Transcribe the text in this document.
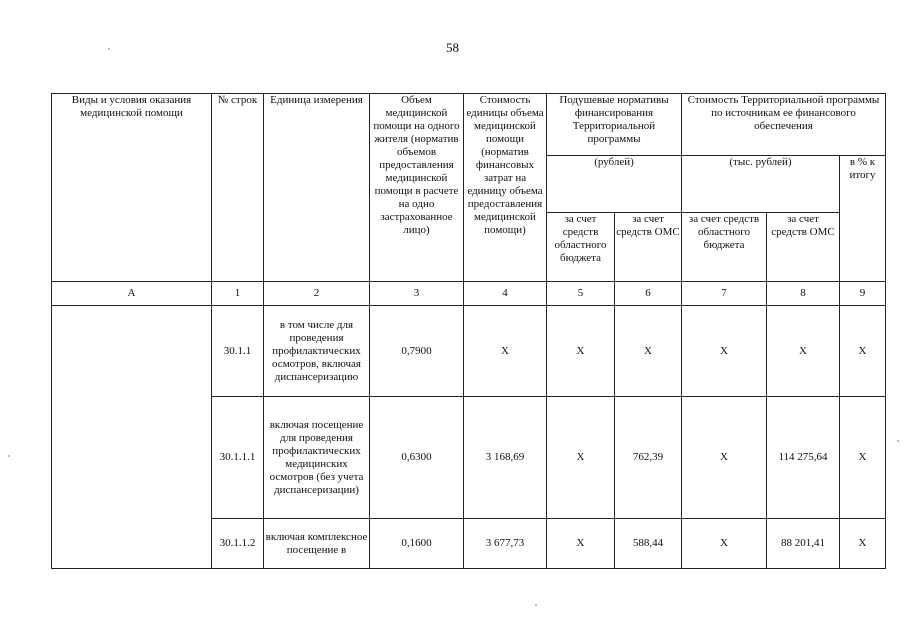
58
Виды и условия оказания медицинской помощи	№ строк	Единица измерения	Объем медицинской помощи на одного жителя (норматив объемов предоставления медицинской помощи в расчете на одно застрахованное лицо)	Стоимость единицы объема медицинской помощи (норматив финансовых затрат на единицу объема предоставления медицинской помощи)	Подушевые нормативы финансирования Территориальной программы		Стоимость Территориальной программы по источникам ее финансового обеспечения		
					(рублей)		(тыс. рублей)		в % к итогу
					за счет средств областного бюджета	за счет средств ОМС	за счет средств областного бюджета	за счет средств ОМС	
А	1	2	3	4	5	6	7	8	9
	30.1.1	в том числе для проведения профилактических осмотров, включая диспансеризацию	0,7900	Х	Х	Х	Х	Х	Х
	30.1.1.1	включая посещение для проведения профилактических медицинских осмотров (без учета диспансеризации)	0,6300	3 168,69	Х	762,39	Х	114 275,64	Х
	30.1.1.2	включая комплексное посещение в	0,1600	3 677,73	Х	588,44	Х	88 201,41	Х
